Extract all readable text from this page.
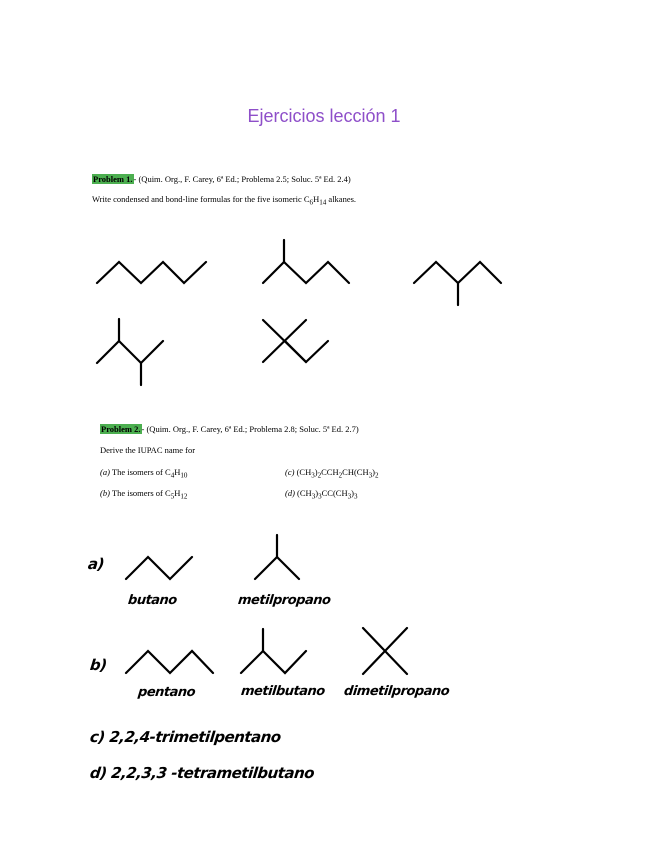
Ejercicios lección 1
Problem 1.- (Quim. Org., F. Carey, 6ª Ed.; Problema 2.5; Soluc. 5ª Ed. 2.4)
Write condensed and bond-line formulas for the five isomeric $C_6H_{14}$ alkanes.
Problem 2.- (Quim. Org., F. Carey, 6ª Ed.; Problema 2.8; Soluc. 5ª Ed. 2.7)
Derive the IUPAC name for
(a) The isomers of $C_4H_{10}$
(b) The isomers of $C_5H_{12}$
(c) $(CH_3)_2CCH_2CH(CH_3)_2$
(d) $(CH_3)_3CC(CH_3)_3$
a)
butano	metilpropano
b)
pentano	metilbutano dimetilpropano
c) 2,2,4-trimetilpentano
d) 2,2,3,3 -tetrametilbutano
